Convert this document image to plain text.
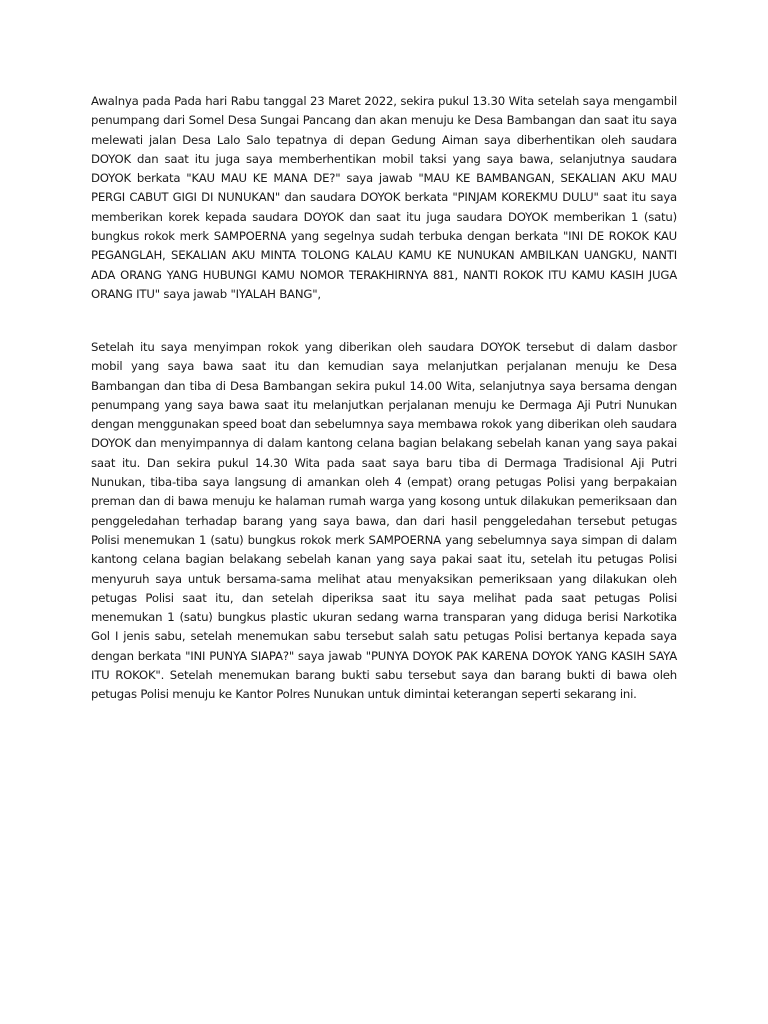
Awalnya pada Pada hari Rabu tanggal 23 Maret 2022, sekira pukul 13.30 Wita setelah saya mengambil penumpang dari Somel Desa Sungai Pancang dan akan menuju ke Desa Bambangan dan saat itu saya melewati jalan Desa Lalo Salo tepatnya di depan Gedung Aiman saya diberhentikan oleh saudara DOYOK dan saat itu juga saya memberhentikan mobil taksi yang saya bawa, selanjutnya saudara DOYOK berkata "KAU MAU KE MANA DE?" saya jawab "MAU KE BAMBANGAN, SEKALIAN AKU MAU PERGI CABUT GIGI DI NUNUKAN" dan saudara DOYOK berkata "PINJAM KOREKMU DULU" saat itu saya memberikan korek kepada saudara DOYOK dan saat itu juga saudara DOYOK memberikan 1 (satu) bungkus rokok merk SAMPOERNA yang segelnya sudah terbuka dengan berkata "INI DE ROKOK KAU PEGANGLAH, SEKALIAN AKU MINTA TOLONG KALAU KAMU KE NUNUKAN AMBILKAN UANGKU, NANTI ADA ORANG YANG HUBUNGI KAMU NOMOR TERAKHIRNYA 881, NANTI ROKOK ITU KAMU KASIH JUGA ORANG ITU" saya jawab "IYALAH BANG",

Setelah itu saya menyimpan rokok yang diberikan oleh saudara DOYOK tersebut di dalam dasbor mobil yang saya bawa saat itu dan kemudian saya melanjutkan perjalanan menuju ke Desa Bambangan dan tiba di Desa Bambangan sekira pukul 14.00 Wita, selanjutnya saya bersama dengan penumpang yang saya bawa saat itu melanjutkan perjalanan menuju ke Dermaga Aji Putri Nunukan dengan menggunakan speed boat dan sebelumnya saya membawa rokok yang diberikan oleh saudara DOYOK dan menyimpannya di dalam kantong celana bagian belakang sebelah kanan yang saya pakai saat itu. Dan sekira pukul 14.30 Wita pada saat saya baru tiba di Dermaga Tradisional Aji Putri Nunukan, tiba-tiba saya langsung di amankan oleh 4 (empat) orang petugas Polisi yang berpakaian preman dan di bawa menuju ke halaman rumah warga yang kosong untuk dilakukan pemeriksaan dan penggeledahan terhadap barang yang saya bawa, dan dari hasil penggeledahan tersebut petugas Polisi menemukan 1 (satu) bungkus rokok merk SAMPOERNA yang sebelumnya saya simpan di dalam kantong celana bagian belakang sebelah kanan yang saya pakai saat itu, setelah itu petugas Polisi menyuruh saya untuk bersama-sama melihat atau menyaksikan pemeriksaan yang dilakukan oleh petugas Polisi saat itu, dan setelah diperiksa saat itu saya melihat pada saat petugas Polisi menemukan 1 (satu) bungkus plastic ukuran sedang warna transparan yang diduga berisi Narkotika Gol I jenis sabu, setelah menemukan sabu tersebut salah satu petugas Polisi bertanya kepada saya dengan berkata "INI PUNYA SIAPA?" saya jawab "PUNYA DOYOK PAK KARENA DOYOK YANG KASIH SAYA ITU ROKOK". Setelah menemukan barang bukti sabu tersebut saya dan barang bukti di bawa oleh petugas Polisi menuju ke Kantor Polres Nunukan untuk dimintai keterangan seperti sekarang ini.
